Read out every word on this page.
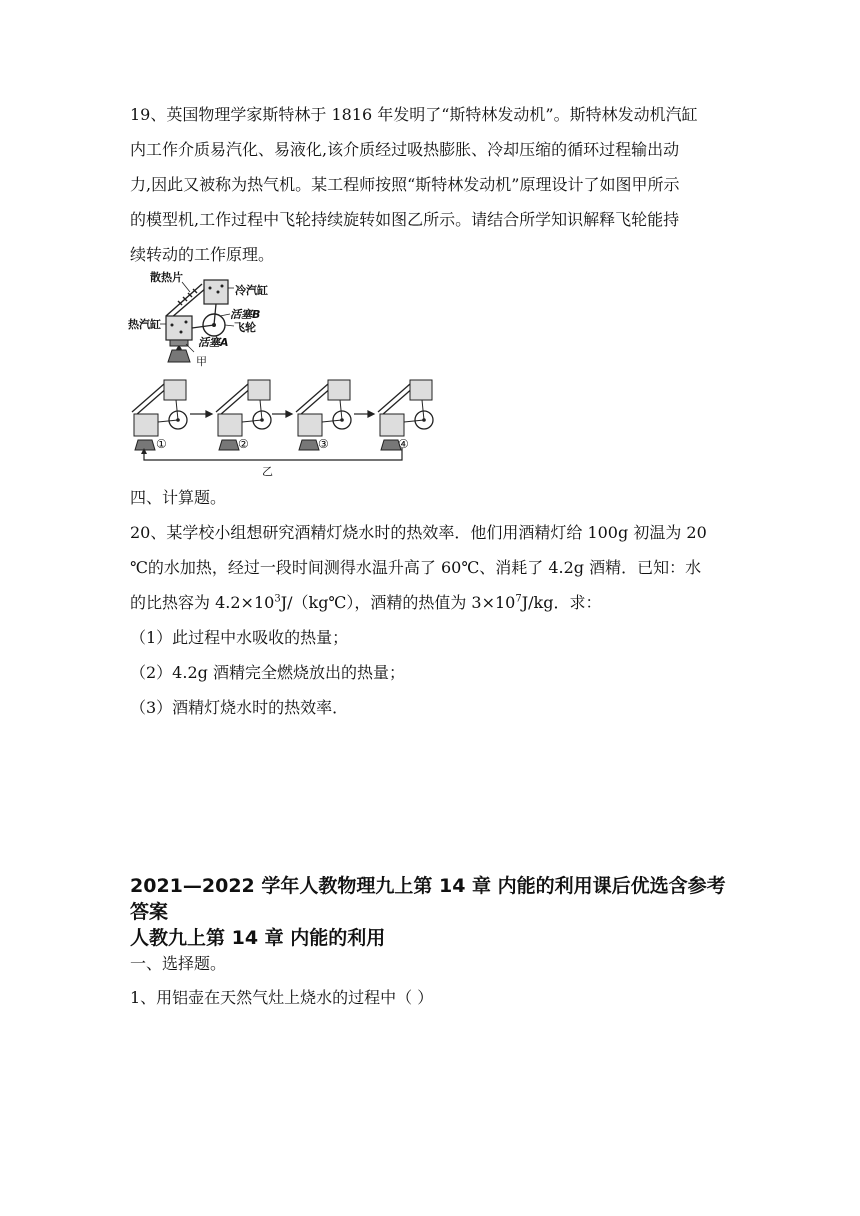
19、英国物理学家斯特林于 1816 年发明了“斯特林发动机”。斯特林发动机汽缸
内工作介质易汽化、易液化,该介质经过吸热膨胀、冷却压缩的循环过程输出动
力,因此又被称为热气机。某工程师按照“斯特林发动机”原理设计了如图甲所示
的模型机,工作过程中飞轮持续旋转如图乙所示。请结合所学知识解释飞轮能持
续转动的工作原理。
散热片
冷汽缸
活塞B
飞轮
热汽缸
活塞A
甲
①	②	③	④
乙
四、计算题。
20、某学校小组想研究酒精灯烧水时的热效率．他们用酒精灯给 100g 初温为 20
℃的水加热，经过一段时间测得水温升高了 60℃、消耗了 4.2g 酒精．已知：水
的比热容为 $4.2\times 10^3J/(kg℃)$，酒精的热值为 $3\times 10^7J/kg$．求：
（1）此过程中水吸收的热量；
（2）4.2g 酒精完全燃烧放出的热量；
（3）酒精灯烧水时的热效率．
2021—2022 学年人教物理九上第 14 章 内能的利用课后优选含参考
答案
人教九上第 14 章 内能的利用
一、选择题。
1、用铝壶在天然气灶上烧水的过程中（ ）
